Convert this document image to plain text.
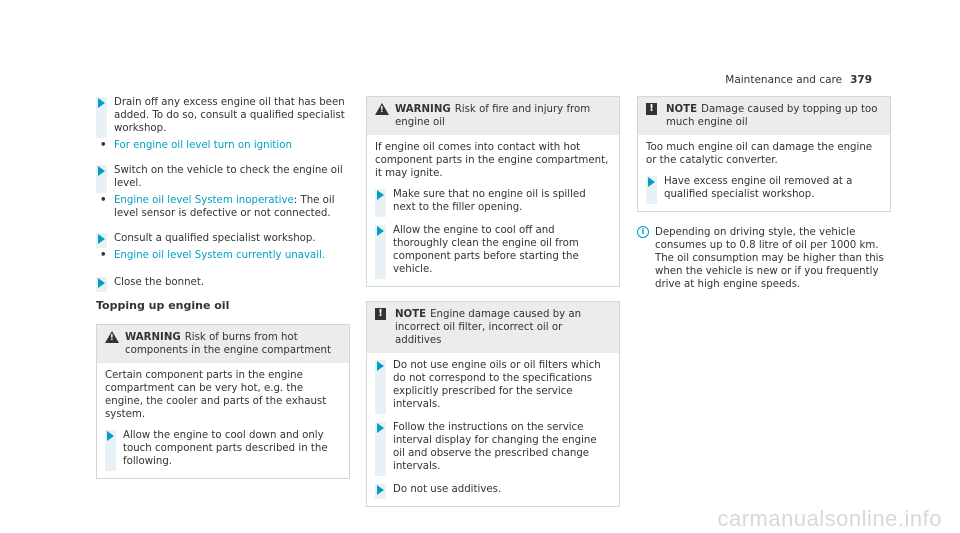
Maintenance and care 379
Drain off any excess engine oil that has been added. To do so, consult a qualified specialist workshop.
• For engine oil level turn on ignition
Switch on the vehicle to check the engine oil level.
• Engine oil level System inoperative: The oil level sensor is defective or not connected.
Consult a qualified specialist workshop.
• Engine oil level System currently unavail.
Close the bonnet.
Topping up engine oil
! WARNING Risk of burns from hot components in the engine compartment

Certain component parts in the engine compartment can be very hot, e.g. the engine, the cooler and parts of the exhaust system.

Allow the engine to cool down and only touch component parts described in the following.
! WARNING Risk of fire and injury from engine oil

If engine oil comes into contact with hot component parts in the engine compartment, it may ignite.

Make sure that no engine oil is spilled next to the filler opening.
Allow the engine to cool off and thoroughly clean the engine oil from component parts before starting the vehicle.
!	NOTE Engine damage caused by an incorrect oil filter, incorrect oil or additives
Do not use engine oils or oil filters which do not correspond to the specifications explicitly prescribed for the service intervals.
Follow the instructions on the service interval display for changing the engine oil and observe the prescribed change intervals.
Do not use additives.
!	NOTE Damage caused by topping up too much engine oil

Too much engine oil can damage the engine or the catalytic converter.

Have excess engine oil removed at a qualified specialist workshop.
i	Depending on driving style, the vehicle consumes up to 0.8 litre of oil per 1000 km. The oil consumption may be higher than this when the vehicle is new or if you frequently drive at high engine speeds.
carmanualsonline.info
